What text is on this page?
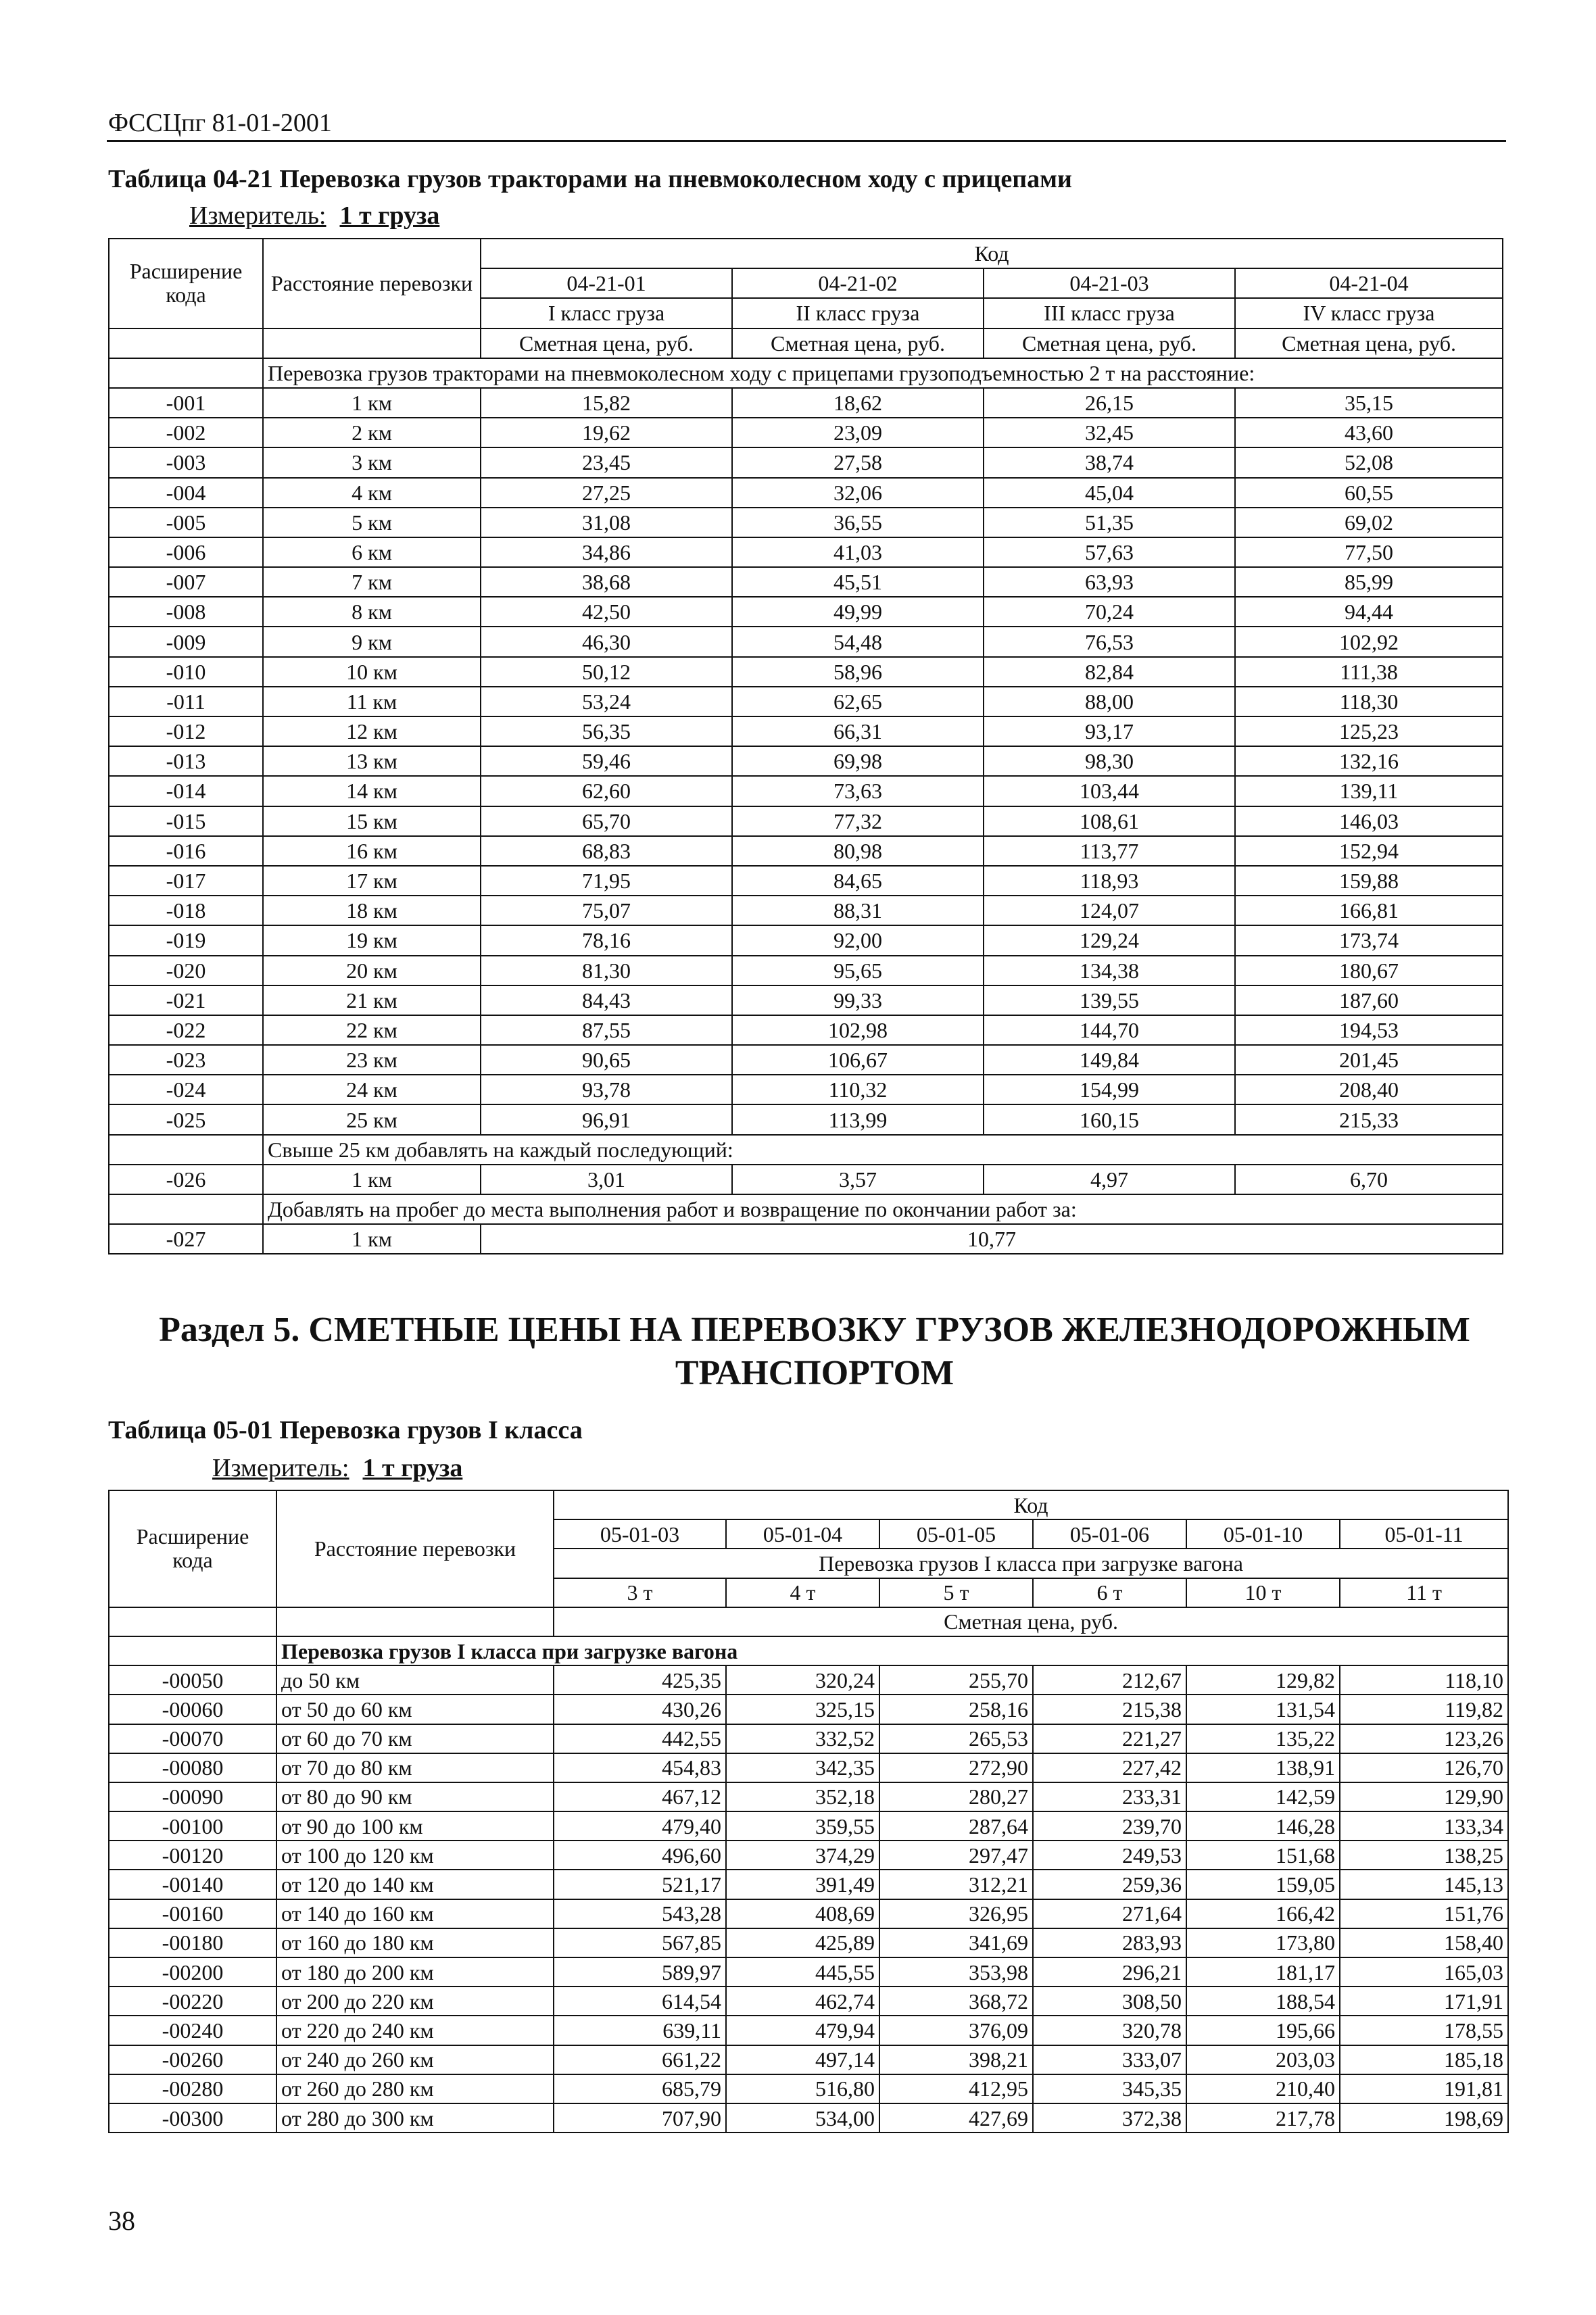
ФССЦпг 81-01-2001
Таблица 04-21 Перевозка грузов тракторами на пневмоколесном ходу с прицепами
Измеритель: 1 т груза
Расширение кода	Расстояние перевозки	Код			
		04-21-01	04-21-02	04-21-03	04-21-04
		I класс груза	II класс груза	III класс груза	IV класс груза
		Сметная цена, руб.	Сметная цена, руб.	Сметная цена, руб.	Сметная цена, руб.
	Перевозка грузов тракторами на пневмоколесном ходу с прицепами грузоподъемностью 2 т на расстояние:				
-001	1 км	15,82	18,62	26,15	35,15
-002	2 км	19,62	23,09	32,45	43,60
-003	3 км	23,45	27,58	38,74	52,08
-004	4 км	27,25	32,06	45,04	60,55
-005	5 км	31,08	36,55	51,35	69,02
-006	6 км	34,86	41,03	57,63	77,50
-007	7 км	38,68	45,51	63,93	85,99
-008	8 км	42,50	49,99	70,24	94,44
-009	9 км	46,30	54,48	76,53	102,92
-010	10 км	50,12	58,96	82,84	111,38
-011	11 км	53,24	62,65	88,00	118,30
-012	12 км	56,35	66,31	93,17	125,23
-013	13 км	59,46	69,98	98,30	132,16
-014	14 км	62,60	73,63	103,44	139,11
-015	15 км	65,70	77,32	108,61	146,03
-016	16 км	68,83	80,98	113,77	152,94
-017	17 км	71,95	84,65	118,93	159,88
-018	18 км	75,07	88,31	124,07	166,81
-019	19 км	78,16	92,00	129,24	173,74
-020	20 км	81,30	95,65	134,38	180,67
-021	21 км	84,43	99,33	139,55	187,60
-022	22 км	87,55	102,98	144,70	194,53
-023	23 км	90,65	106,67	149,84	201,45
-024	24 км	93,78	110,32	154,99	208,40
-025	25 км	96,91	113,99	160,15	215,33
	Свыше 25 км добавлять на каждый последующий:				
-026	1 км	3,01	3,57	4,97	6,70
	Добавлять на пробег до места выполнения работ и возвращение по окончании работ за:				
-027	1 км	10,77			
Раздел 5. СМЕТНЫЕ ЦЕНЫ НА ПЕРЕВОЗКУ ГРУЗОВ ЖЕЛЕЗНОДОРОЖНЫМ
ТРАНСПОРТОМ
Таблица 05-01 Перевозка грузов I класса
Измеритель: 1 т груза
Расширение кода	Расстояние перевозки	Код					
		05-01-03	05-01-04	05-01-05	05-01-06	05-01-10	05-01-11
		Перевозка грузов I класса при загрузке вагона					
		3 т	4 т	5 т	6 т	10 т	11 т
		Сметная цена, руб.					
	Перевозка грузов I класса при загрузке вагона						
-00050	до 50 км	425,35	320,24	255,70	212,67	129,82	118,10
-00060	от 50 до 60 км	430,26	325,15	258,16	215,38	131,54	119,82
-00070	от 60 до 70 км	442,55	332,52	265,53	221,27	135,22	123,26
-00080	от 70 до 80 км	454,83	342,35	272,90	227,42	138,91	126,70
-00090	от 80 до 90 км	467,12	352,18	280,27	233,31	142,59	129,90
-00100	от 90 до 100 км	479,40	359,55	287,64	239,70	146,28	133,34
-00120	от 100 до 120 км	496,60	374,29	297,47	249,53	151,68	138,25
-00140	от 120 до 140 км	521,17	391,49	312,21	259,36	159,05	145,13
-00160	от 140 до 160 км	543,28	408,69	326,95	271,64	166,42	151,76
-00180	от 160 до 180 км	567,85	425,89	341,69	283,93	173,80	158,40
-00200	от 180 до 200 км	589,97	445,55	353,98	296,21	181,17	165,03
-00220	от 200 до 220 км	614,54	462,74	368,72	308,50	188,54	171,91
-00240	от 220 до 240 км	639,11	479,94	376,09	320,78	195,66	178,55
-00260	от 240 до 260 км	661,22	497,14	398,21	333,07	203,03	185,18
-00280	от 260 до 280 км	685,79	516,80	412,95	345,35	210,40	191,81
-00300	от 280 до 300 км	707,90	534,00	427,69	372,38	217,78	198,69
38
